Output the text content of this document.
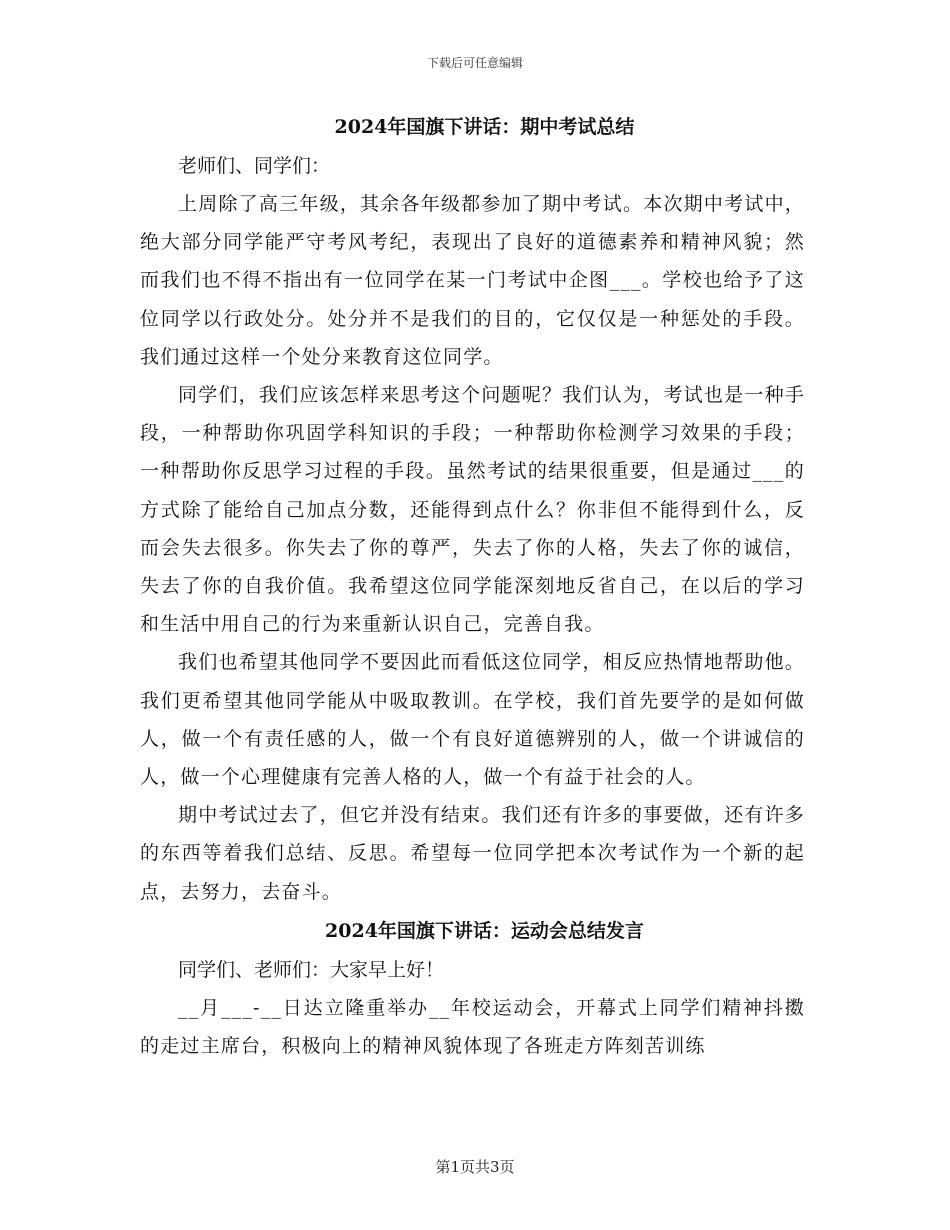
下载后可任意编辑
2024年国旗下讲话：期中考试总结

老师们、同学们：

上周除了高三年级，其余各年级都参加了期中考试。本次期中考试中，绝大部分同学能严守考风考纪，表现出了良好的道德素养和精神风貌；然而我们也不得不指出有一位同学在某一门考试中企图___。学校也给予了这位同学以行政处分。处分并不是我们的目的，它仅仅是一种惩处的手段。我们通过这样一个处分来教育这位同学。

同学们，我们应该怎样来思考这个问题呢？我们认为，考试也是一种手段，一种帮助你巩固学科知识的手段；一种帮助你检测学习效果的手段；一种帮助你反思学习过程的手段。虽然考试的结果很重要，但是通过___的方式除了能给自己加点分数，还能得到点什么？你非但不能得到什么，反而会失去很多。你失去了你的尊严，失去了你的人格，失去了你的诚信，失去了你的自我价值。我希望这位同学能深刻地反省自己，在以后的学习和生活中用自己的行为来重新认识自己，完善自我。

我们也希望其他同学不要因此而看低这位同学，相反应热情地帮助他。我们更希望其他同学能从中吸取教训。在学校，我们首先要学的是如何做人，做一个有责任感的人，做一个有良好道德辨别的人，做一个讲诚信的人，做一个心理健康有完善人格的人，做一个有益于社会的人。

期中考试过去了，但它并没有结束。我们还有许多的事要做，还有许多的东西等着我们总结、反思。希望每一位同学把本次考试作为一个新的起点，去努力，去奋斗。

2024年国旗下讲话：运动会总结发言

同学们、老师们：大家早上好！

__月___-__日达立隆重举办__年校运动会，开幕式上同学们精神抖擞的走过主席台，积极向上的精神风貌体现了各班走方阵刻苦训练

第1页共3页
